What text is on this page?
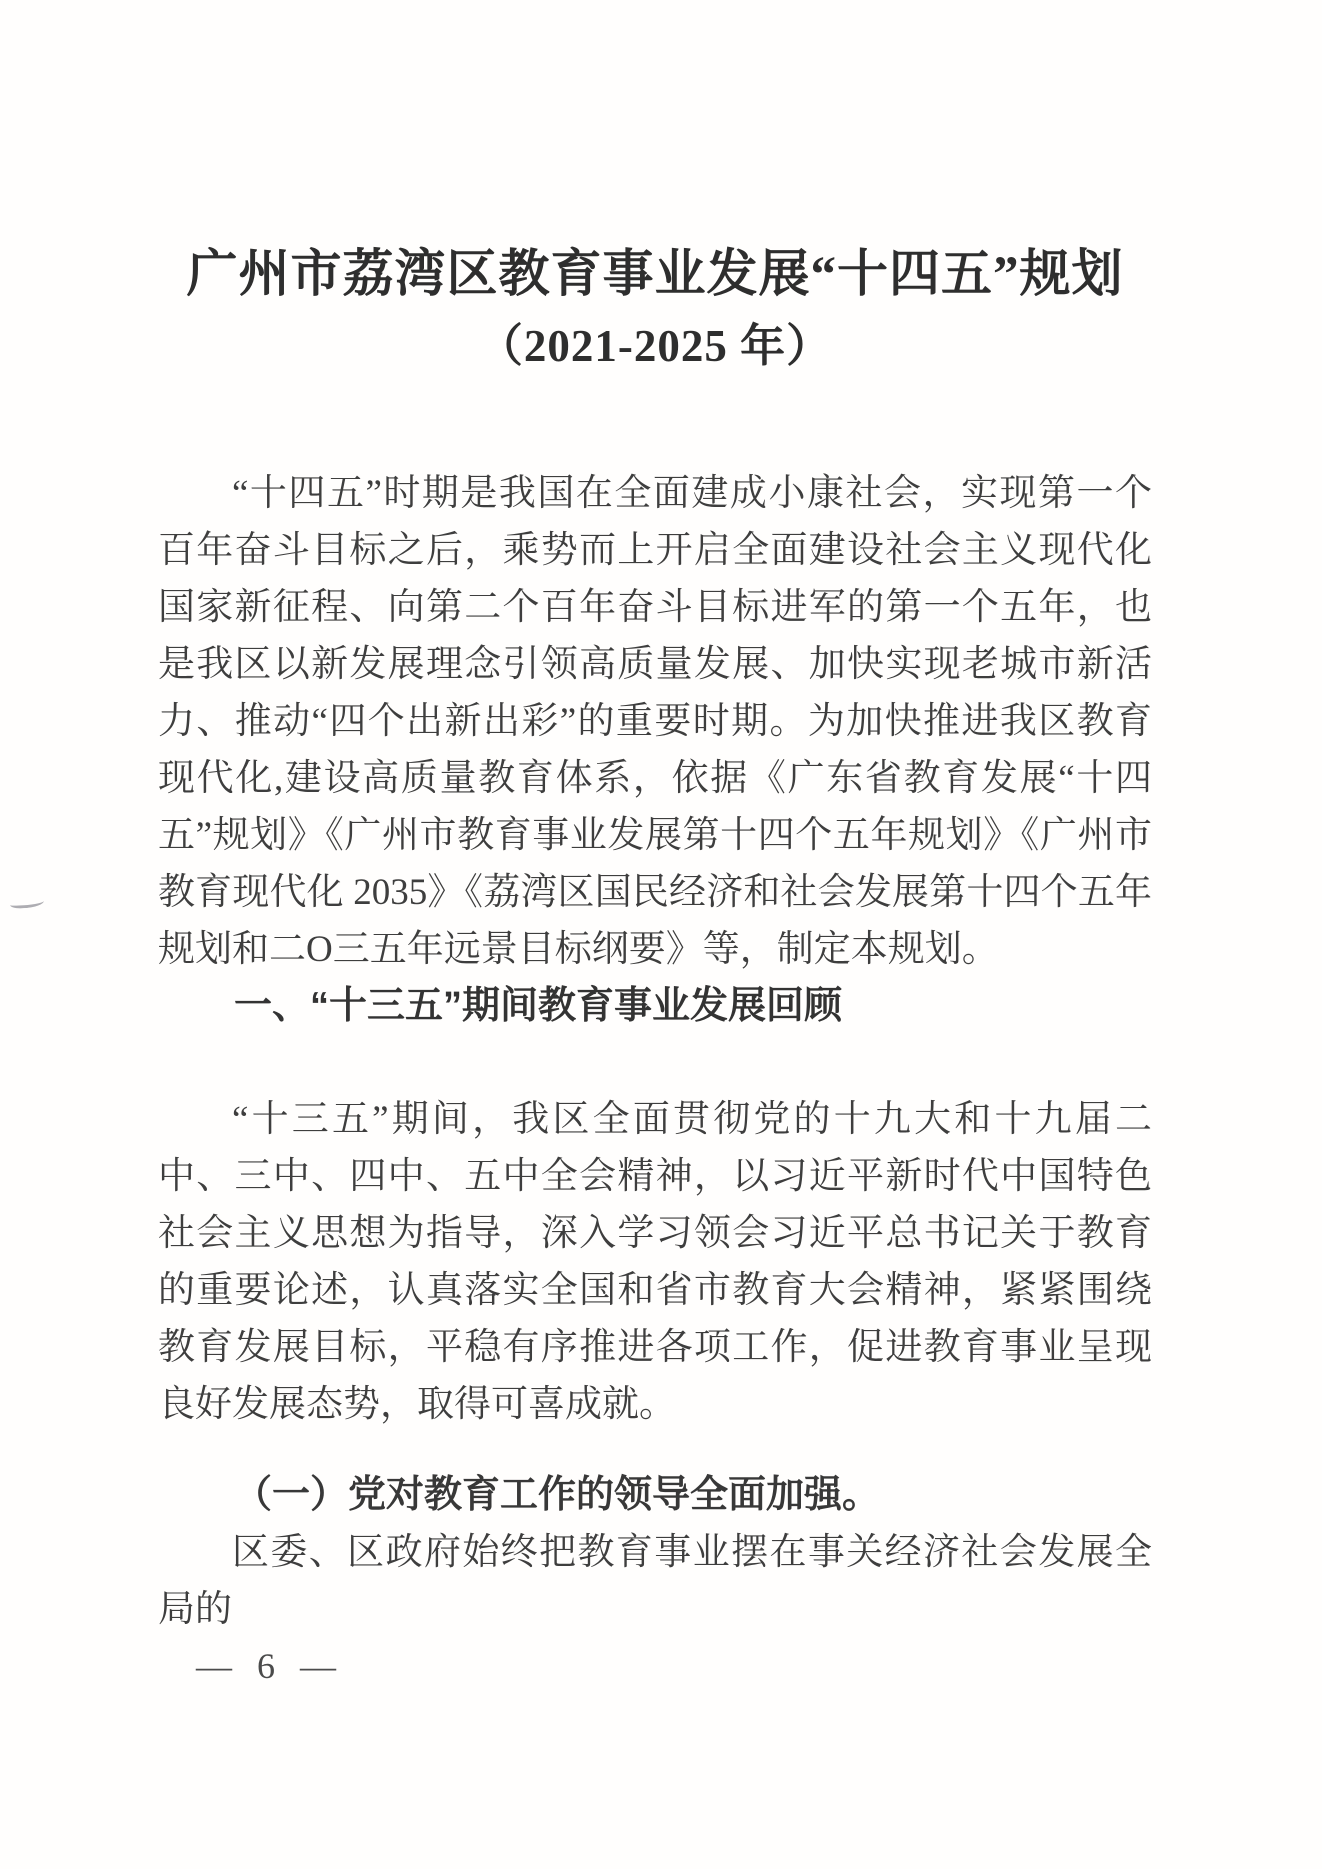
广州市荔湾区教育事业发展“十四五”规划
（2021-2025 年）

“十四五”时期是我国在全面建成小康社会，实现第一个百年奋斗目标之后，乘势而上开启全面建设社会主义现代化国家新征程、向第二个百年奋斗目标进军的第一个五年，也是我区以新发展理念引领高质量发展、加快实现老城市新活力、推动“四个出新出彩”的重要时期。为加快推进我区教育现代化,建设高质量教育体系，依据《广东省教育发展“十四五”规划》《广州市教育事业发展第十四个五年规划》《广州市教育现代化 2035》《荔湾区国民经济和社会发展第十四个五年规划和二O三五年远景目标纲要》等，制定本规划。

一、“十三五”期间教育事业发展回顾

“十三五”期间，我区全面贯彻党的十九大和十九届二中、三中、四中、五中全会精神，以习近平新时代中国特色社会主义思想为指导，深入学习领会习近平总书记关于教育的重要论述，认真落实全国和省市教育大会精神，紧紧围绕教育发展目标，平稳有序推进各项工作，促进教育事业呈现良好发展态势，取得可喜成就。

（一）党对教育工作的领导全面加强。

区委、区政府始终把教育事业摆在事关经济社会发展全局的

— 6 —
